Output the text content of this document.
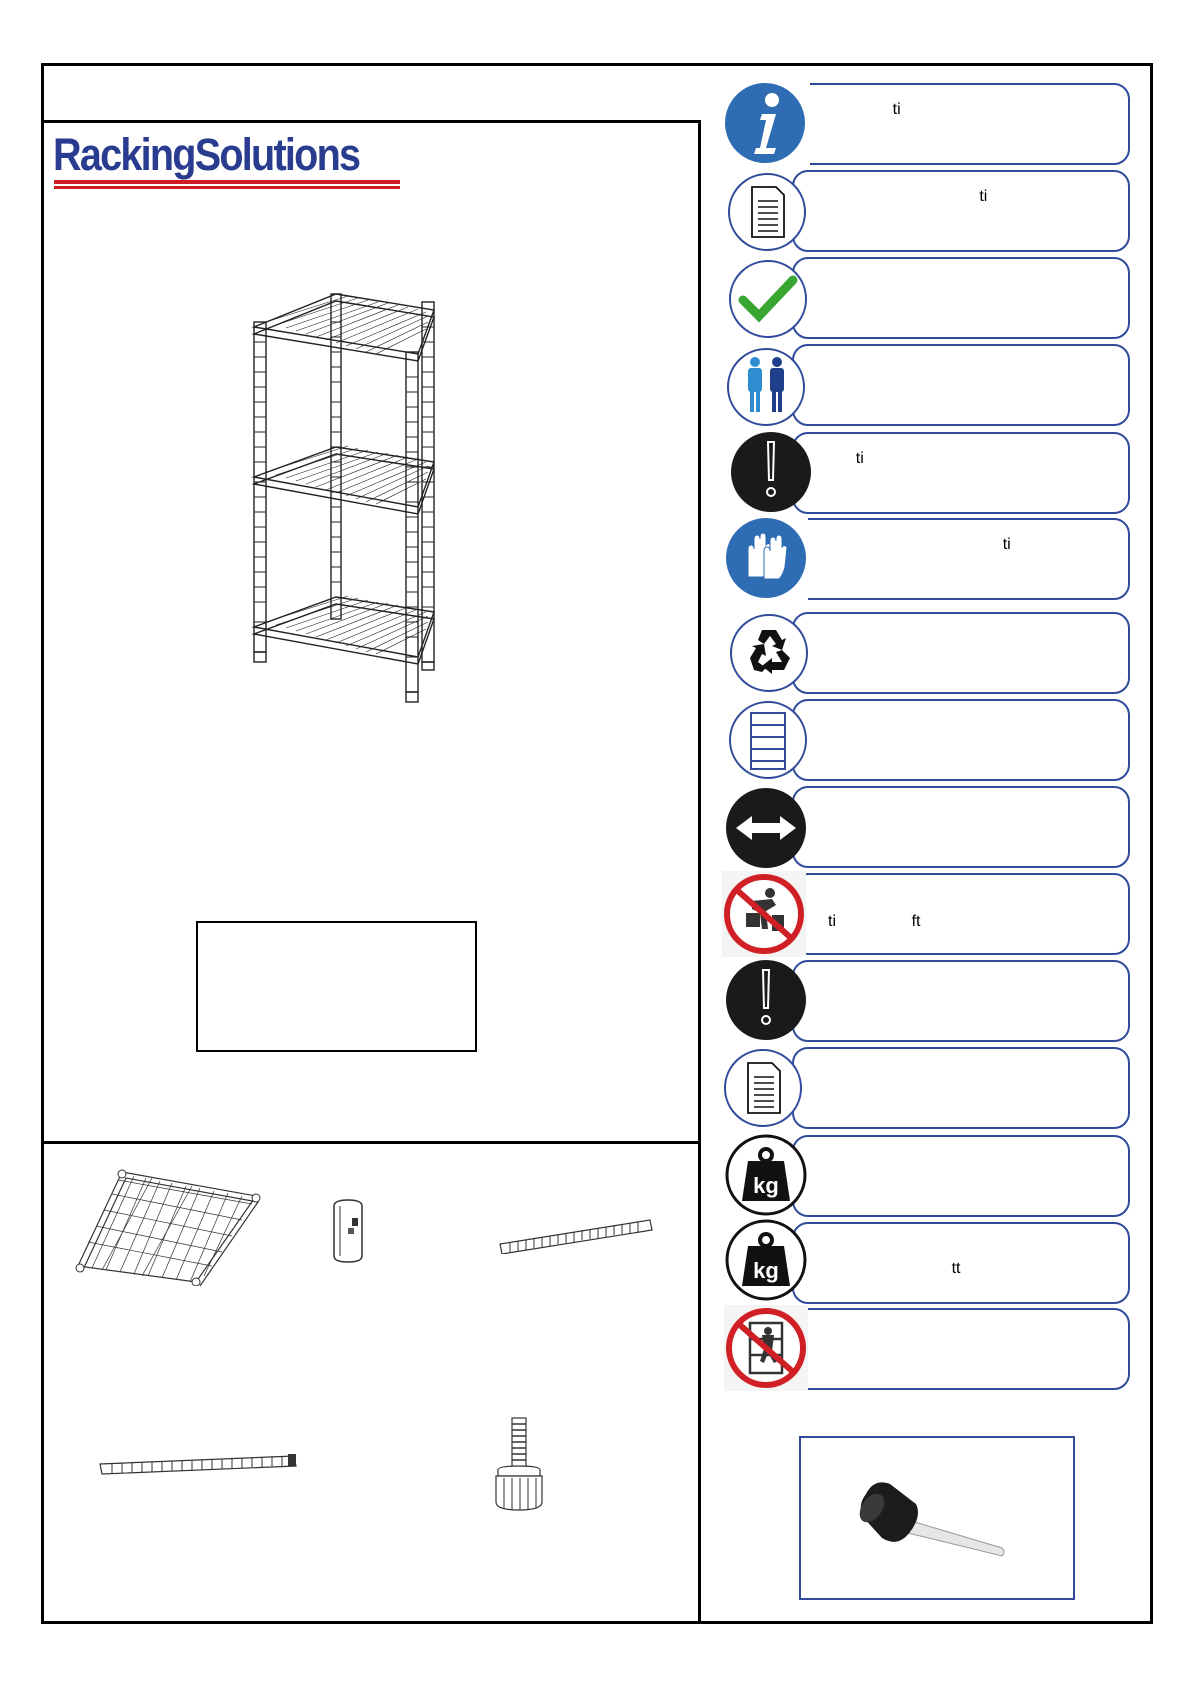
RackingSolutions
ti
ti
ti
ti
ti                 ft
tt
kg
kg
